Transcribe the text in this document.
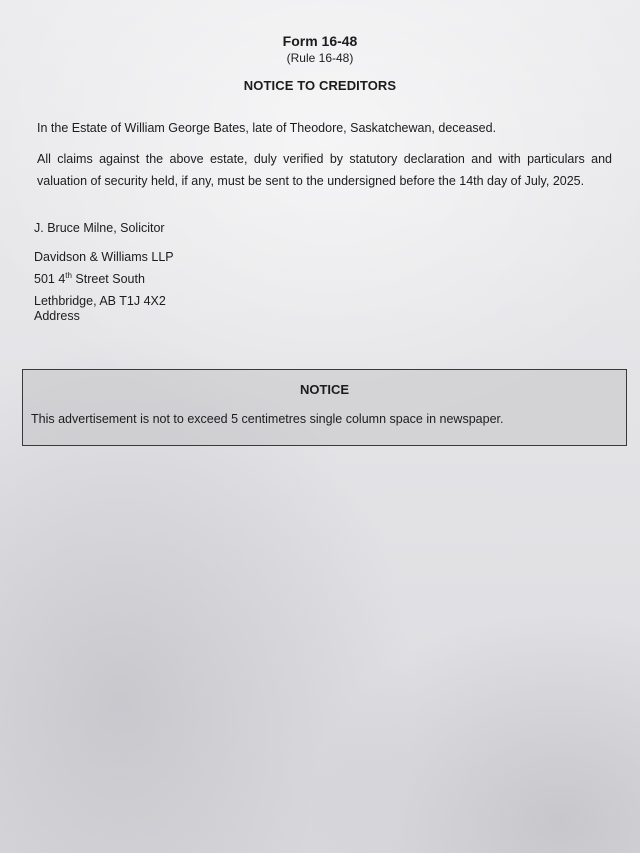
Form 16-48
(Rule 16-48)
NOTICE TO CREDITORS
In the Estate of William George Bates, late of Theodore, Saskatchewan, deceased.
All claims against the above estate, duly verified by statutory declaration and with particulars and valuation of security held, if any, must be sent to the undersigned before the 14th day of July, 2025.
J. Bruce Milne, Solicitor
Davidson & Williams LLP
501 4th Street South
Lethbridge, AB T1J 4X2
Address
NOTICE
This advertisement is not to exceed 5 centimetres single column space in newspaper.
